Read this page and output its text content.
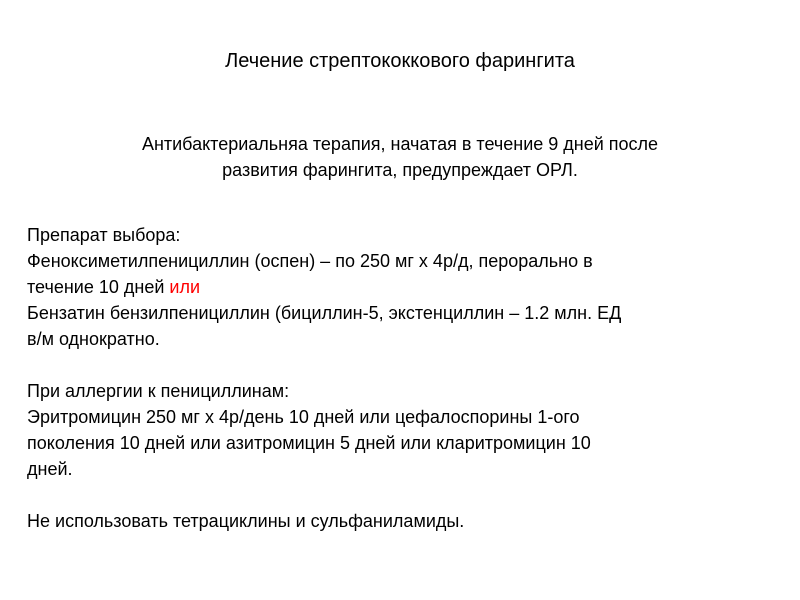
Лечение стрептококкового фарингита
Антибактериальняа терапия, начатая в течение 9 дней после
развития фарингита, предупреждает ОРЛ.
Препарат выбора:
Феноксиметилпенициллин (оспен) – по 250 мг х 4р/д, перорально в
течение 10 дней или
Бензатин бензилпенициллин (бициллин-5, экстенциллин – 1.2 млн. ЕД
в/м однократно.
При аллергии к пенициллинам:
Эритромицин 250 мг х 4р/день 10 дней или цефалоспорины 1-ого
поколения 10 дней или азитромицин 5 дней или кларитромицин 10
дней.
Не использовать тетрациклины и сульфаниламиды.
